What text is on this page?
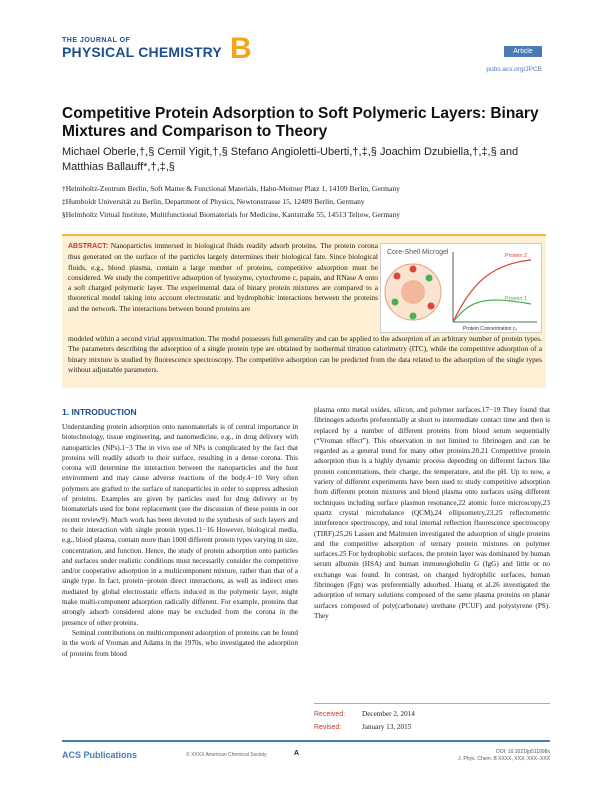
THE JOURNAL OF
PHYSICAL CHEMISTRY B	Article
pubs.acs.org/JPCB
Competitive Protein Adsorption to Soft Polymeric Layers: Binary Mixtures and Comparison to Theory
Michael Oberle,†,§ Cemil Yigit,†,§ Stefano Angioletti-Uberti,†,‡,§ Joachim Dzubiella,†,‡,§ and Matthias Ballauff*,†,‡,§
†Helmholtz-Zentrum Berlin, Soft Matter & Functional Materials, Hahn-Meitner Platz 1, 14109 Berlin, Germany
‡Humboldt Universität zu Berlin, Department of Physics, Newtonstrasse 15, 12489 Berlin, Germany
§Helmholtz Virtual Institute, Multifunctional Biomaterials for Medicine, Kantstraße 55, 14513 Teltow, Germany
ABSTRACT: Nanoparticles immersed in biological fluids readily adsorb proteins. The protein corona thus generated on the surface of the particles largely determines their biological fate. Since biological fluids, e.g., blood plasma, contain a large number of proteins, competitive adsorption must be considered. We study the competitive adsorption of lysozyme, cytochrome c, papain, and RNase A onto a soft charged polymeric layer. The experimental data of binary protein mixtures are compared to a theoretical model taking into account electrostatic and hydrophobic interactions between the proteins and the network. The interactions between bound proteins are
Core-Shell Microgel	Protein 2
Protein 1
Protein Concentration c₀
modeled within a second virial approximation. The model possesses full generality and can be applied to the adsorption of an arbitrary number of protein types. The parameters describing the adsorption of a single protein type are obtained by isothermal titration calorimetry (ITC), while the competitive adsorption of a binary mixture is studied by fluorescence spectroscopy. The competitive adsorption can be predicted from the data related to the adsorption of the single types without adjustable parameters.
1. INTRODUCTION

Understanding protein adsorption onto nanomaterials is of central importance in biotechnology, tissue engineering, and nanomedicine, e.g., in drug delivery with nanoparticles (NPs).1−3 The in vivo use of NPs is complicated by the fact that proteins will readily adsorb to their surface, resulting in a dense corona. This corona will determine the interaction between the nanoparticles and the host environment and may cause adverse reactions of the body.4−10 Very often polymers are grafted to the surface of nanoparticles in order to suppress adhesion of proteins. Examples are given by particles used for drug delivery or by biomaterials used for bone replacement (see the discussion of these points in our recent review9). Much work has been devoted to the synthesis of such layers and to their interaction with single protein types.11−16 However, biological media, e.g., blood plasma, contain more than 1000 different protein types varying in size, concentration, and function. Hence, the study of protein adsorption onto particles and surfaces under realistic conditions must necessarily consider the competitive and/or cooperative adsorption in a multicomponent mixture, rather than that of a single type. In fact, protein−protein direct interactions, as well as indirect ones mediated by global electrostatic effects induced in the polymeric layer, might make multi-component adsorption radically different. For example, proteins that strongly adsorb considered alone may be excluded from the corona in the presence of other proteins.

Seminal contributions on multicomponent adsorption of proteins can be found in the work of Vroman and Adams in the 1970s, who investigated the adsorption of proteins from blood

plasma onto metal oxides, silicon, and polymer surfaces.17−19 They found that fibrinogen adsorbs preferentially at short to intermediate contact time and then is replaced by a number of different proteins from blood serum sequentially (“Vroman effect”). This observation in not limited to fibrinogen and can be regarded as a general trend for many other proteins.20,21 Competitive protein adsorption thus is a highly dynamic process depending on different factors like protein concentrations, their charge, the temperature, and the pH. Up to now, a variety of different experiments have been used to study competitive adsorption from different protein mixtures and blood plasma onto surfaces using different techniques including surface plasmon resonance,22 atomic force microscopy,23 quartz crystal microbalance (QCM),24 ellipsometry,23,25 reflectometric interference spectroscopy, and total internal reflection fluorescence spectroscopy (TIRF).25,26 Lassen and Malmsten investigated the adsorption of single proteins and the competitive adsorption of ternary protein mixtures on polymer surfaces.25 For hydrophobic surfaces, the protein layer was dominated by human serum albumin (HSA) and human immunoglobulin G (IgG) and little or no exchange was found. In contrast, on charged hydrophilic surfaces, human fibrinogen (Fgn) was preferentially adsorbed. Huang et al.26 investigated the adsorption of ternary solutions composed of the same plasma proteins on planar surfaces composed of poly(carbonate) urethane (PCUF) and polystyrene (PS). They

Received: December 2, 2014
Revised:	January 13, 2015
ACS Publications	© XXXX American Chemical Society	A	DOI: 10.1021/jp511998x
J. Phys. Chem. B XXXX, XXX, XXX−XXX
